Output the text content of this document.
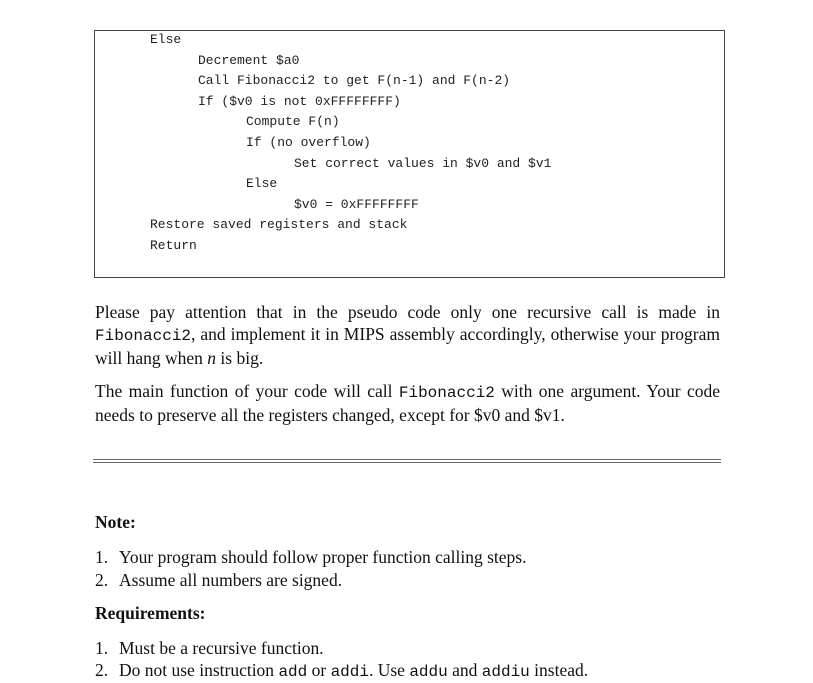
Else
Decrement $a0
Call Fibonacci2 to get F(n-1) and F(n-2)
If ($v0 is not 0xFFFFFFFF)
Compute F(n)
If (no overflow)
Set correct values in $v0 and $v1
Else
$v0 = 0xFFFFFFFF
Restore saved registers and stack
Return

Please pay attention that in the pseudo code only one recursive call is made in Fibonacci2, and implement it in MIPS assembly accordingly, otherwise your program will hang when n is big.

The main function of your code will call Fibonacci2 with one argument. Your code needs to preserve all the registers changed, except for $v0 and $v1.

Note:
1. Your program should follow proper function calling steps.
2. Assume all numbers are signed.
Requirements:
1. Must be a recursive function.
2. Do not use instruction add or addi. Use addu and addiu instead.
